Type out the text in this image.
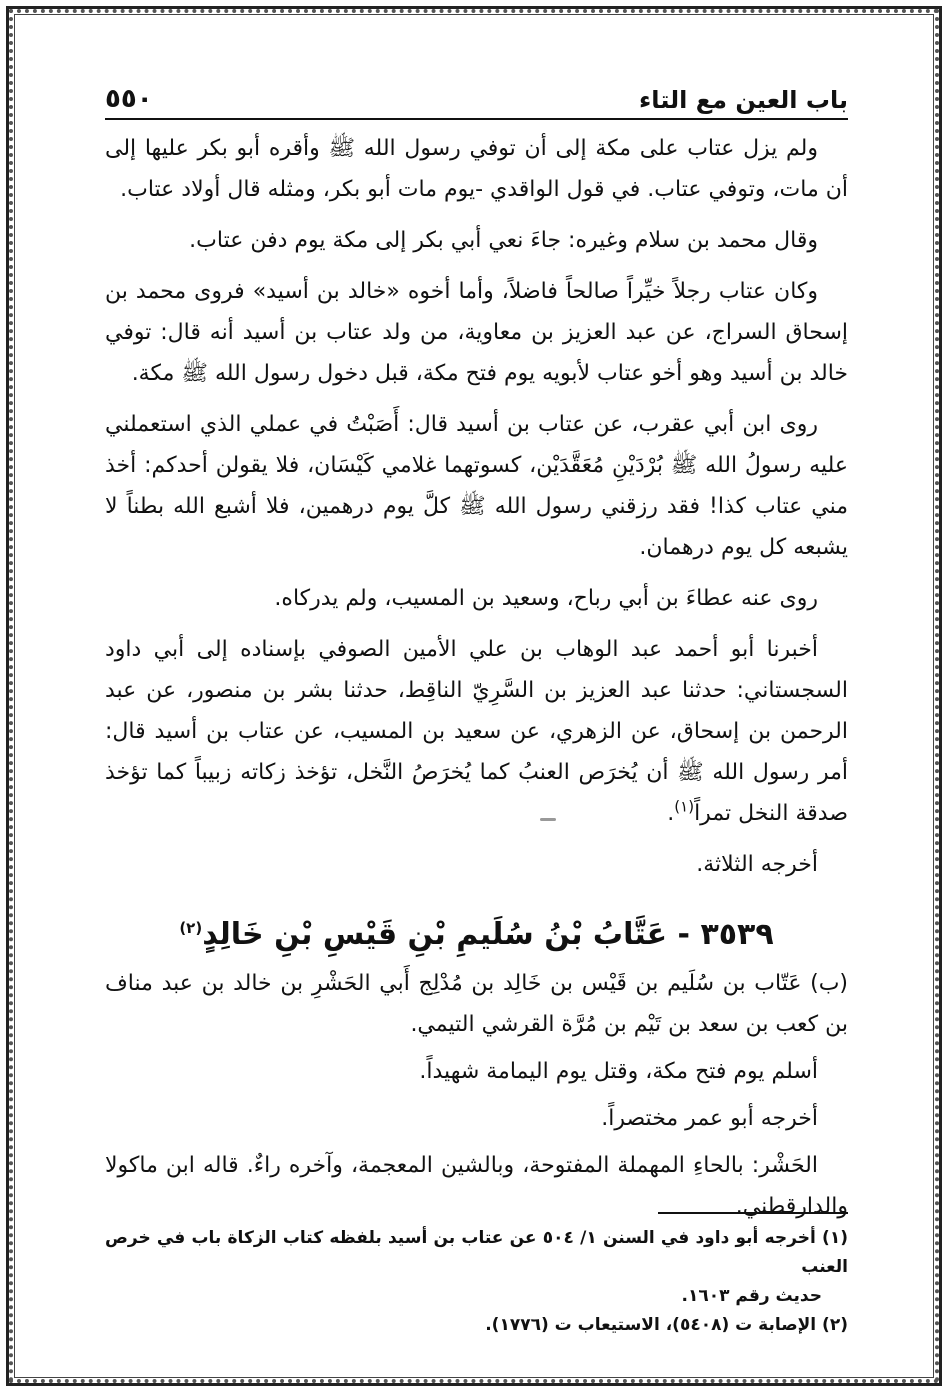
باب العين مع التاء
٥٥٠

ولم يزل عتاب على مكة إلى أن توفي رسول الله ﷺ وأقره أبو بكر عليها إلى أن مات، وتوفي عتاب. في قول الواقدي -يوم مات أبو بكر، ومثله قال أولاد عتاب.

وقال محمد بن سلام وغيره: جاءَ نعي أبي بكر إلى مكة يوم دفن عتاب.

وكان عتاب رجلاً خيِّراً صالحاً فاضلاً، وأما أخوه «خالد بن أسيد» فروى محمد بن إسحاق السراج، عن عبد العزيز بن معاوية، من ولد عتاب بن أسيد أنه قال: توفي خالد بن أسيد وهو أخو عتاب لأبويه يوم فتح مكة، قبل دخول رسول الله ﷺ مكة.

روى ابن أبي عقرب، عن عتاب بن أسيد قال: أَصَبْتُ في عملي الذي استعملني عليه رسولُ الله ﷺ بُرْدَيْنِ مُعَقَّدَيْن، كسوتهما غلامي كَيْسَان، فلا يقولن أحدكم: أخذ مني عتاب كذا! فقد رزقني رسول الله ﷺ كلَّ يوم درهمين، فلا أشبع الله بطناً لا يشبعه كل يوم درهمان.

روى عنه عطاءَ بن أبي رباح، وسعيد بن المسيب، ولم يدركاه.

أخبرنا أبو أحمد عبد الوهاب بن علي الأمين الصوفي بإسناده إلى أبي داود السجستاني: حدثنا عبد العزيز بن السَّرِيّ الناقِط، حدثنا بشر بن منصور، عن عبد الرحمن بن إسحاق، عن الزهري، عن سعيد بن المسيب، عن عتاب بن أسيد قال: أمر رسول الله ﷺ أن يُخرَص العنبُ كما يُخرَصُ النَّخل، تؤخذ زكاته زبيباً كما تؤخذ صدقة النخل تمراً$^{(١)}$.

أخرجه الثلاثة.

٣٥٣٩ - عَتَّابُ بْنُ سُلَيمِ بْنِ قَيْسِ بْنِ خَالِدٍ$^{(٢)}$

(ب) عَتّاب بن سُلَيم بن قَيْس بن خَالِد بن مُدْلِج أَبي الحَشْرِ بن خالد بن عبد مناف بن كعب بن سعد بن تَيْم بن مُرَّة القرشي التيمي.

أسلم يوم فتح مكة، وقتل يوم اليمامة شهيداً.

أخرجه أبو عمر مختصراً.

الحَشْر: بالحاءِ المهملة المفتوحة، وبالشين المعجمة، وآخره راءٌ. قاله ابن ماكولا والدارقطني.

(١) أخرجه أبو داود في السنن ١/ ٥٠٤ عن عتاب بن أسيد بلفظه كتاب الزكاة باب في خرص العنب

حديث رقم ١٦٠٣.

(٢) الإصابة ت (٥٤٠٨)، الاستيعاب ت (١٧٧٦).
